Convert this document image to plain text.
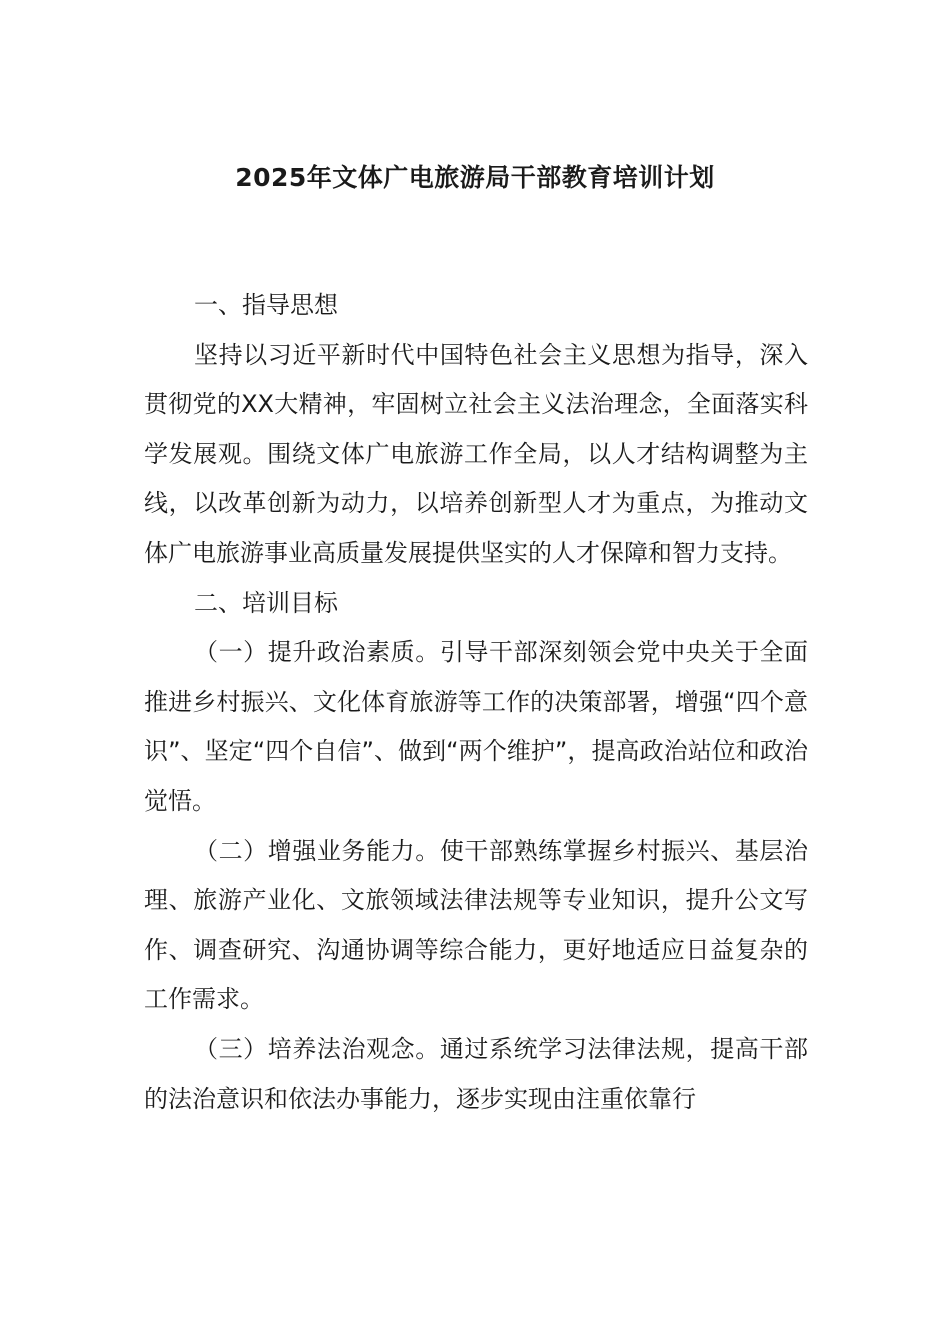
2025年文体广电旅游局干部教育培训计划

一、指导思想

坚持以习近平新时代中国特色社会主义思想为指导，深入贯彻党的XX大精神，牢固树立社会主义法治理念，全面落实科学发展观。围绕文体广电旅游工作全局，以人才结构调整为主线，以改革创新为动力，以培养创新型人才为重点，为推动文体广电旅游事业高质量发展提供坚实的人才保障和智力支持。

二、培训目标

（一）提升政治素质。引导干部深刻领会党中央关于全面推进乡村振兴、文化体育旅游等工作的决策部署，增强“四个意识”、坚定“四个自信”、做到“两个维护”，提高政治站位和政治觉悟。

（二）增强业务能力。使干部熟练掌握乡村振兴、基层治理、旅游产业化、文旅领域法律法规等专业知识，提升公文写作、调查研究、沟通协调等综合能力，更好地适应日益复杂的工作需求。

（三）培养法治观念。通过系统学习法律法规，提高干部的法治意识和依法办事能力，逐步实现由注重依靠行
